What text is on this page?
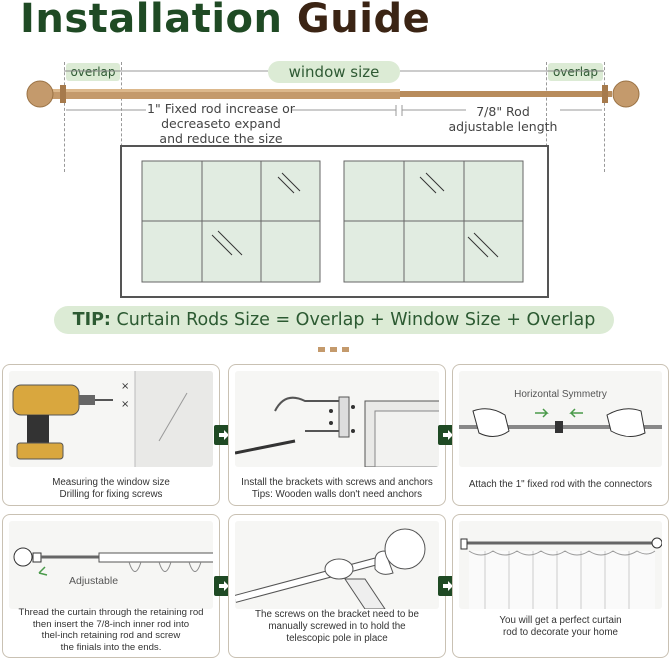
Installation Guide
overlap	overlap
window size
1" Fixed rod increase or
decreaseto expand
and reduce the size
7/8" Rod
adjustable length
TIP: Curtain Rods Size = Overlap + Window Size + Overlap
×
×
Measuring the window size
Drilling for fixing screws
Install the brackets with screws and anchors
Tips: Wooden walls don't need anchors
Horizontal Symmetry
Attach the 1" fixed rod with the connectors
Adjustable
Thread the curtain through the retaining rod
then insert the 7/8-inch inner rod into
thel-inch retaining rod and screw
the finials into the ends.
The screws on the bracket need to be
manually screwed in to hold the
telescopic pole in place
You will get a perfect curtain
rod to decorate your home
